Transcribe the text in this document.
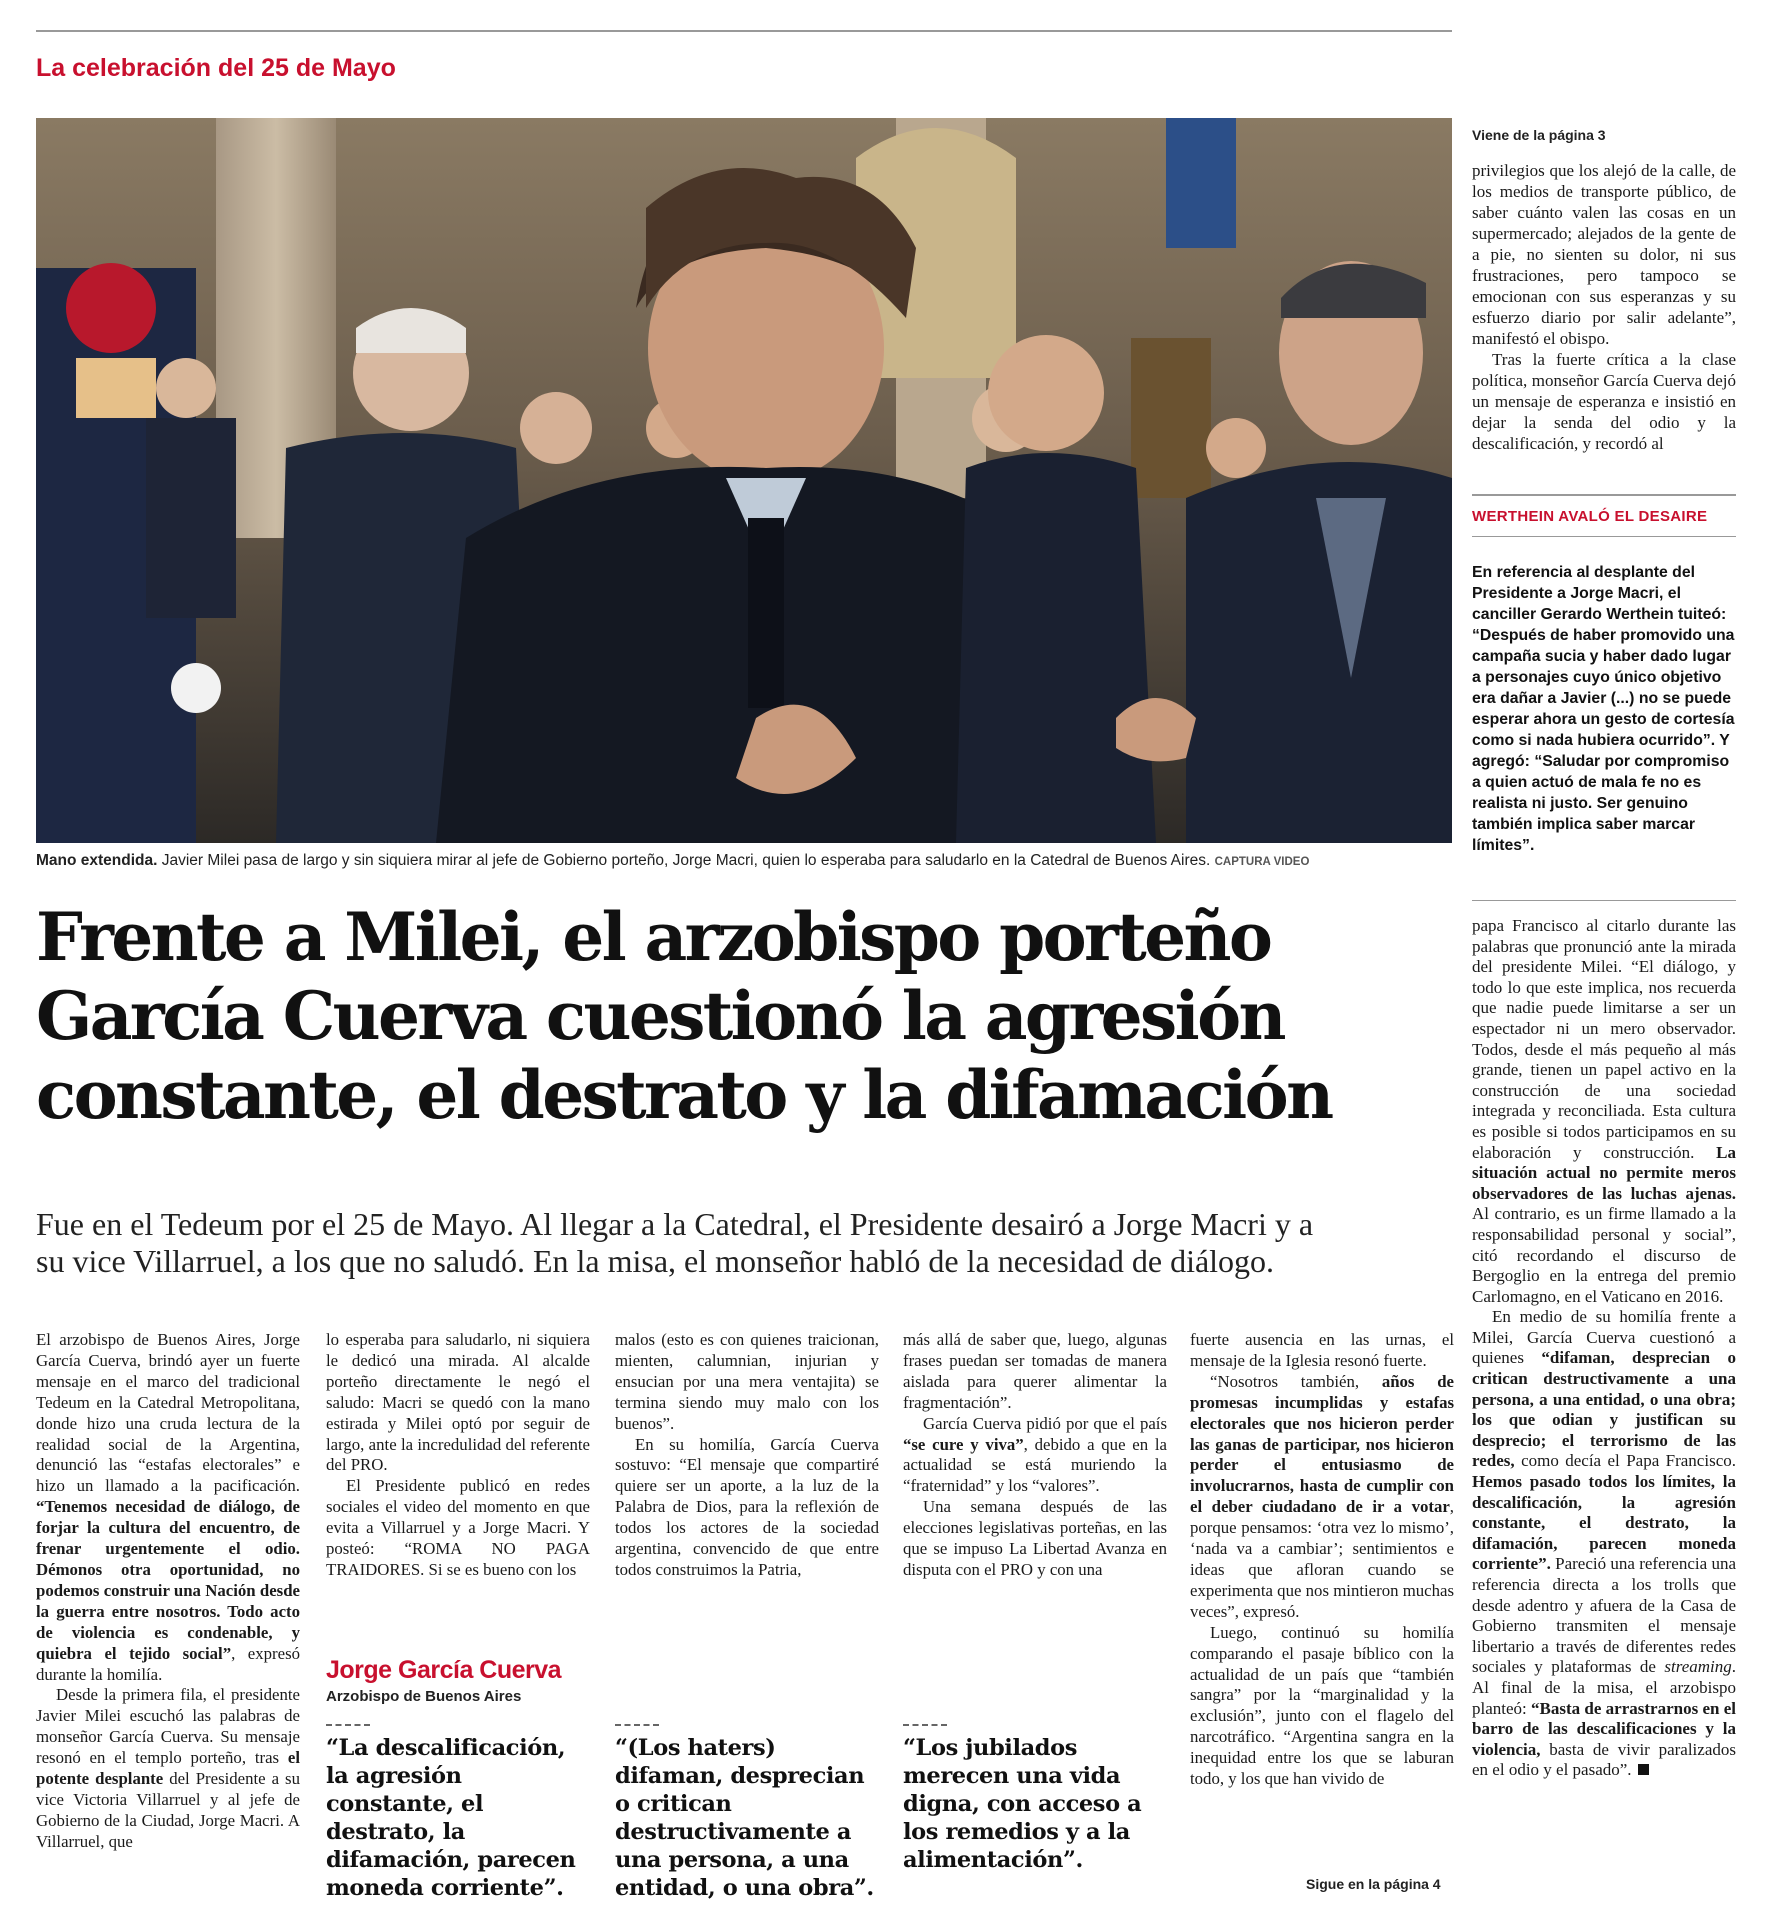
La celebración del 25 de Mayo
Mano extendida. Javier Milei pasa de largo y sin siquiera mirar al jefe de Gobierno porteño, Jorge Macri, quien lo esperaba para saludarlo en la Catedral de Buenos Aires. CAPTURA VIDEO
Viene de la página 3

privilegios que los alejó de la calle, de los medios de transporte público, de saber cuánto valen las cosas en un supermercado; alejados de la gente de a pie, no sienten su dolor, ni sus frustraciones, pero tampoco se emocionan con sus esperanzas y su esfuerzo diario por salir adelante”, manifestó el obispo.

Tras la fuerte crítica a la clase política, monseñor García Cuerva dejó un mensaje de esperanza e insistió en dejar la senda del odio y la descalificación, y recordó al

WERTHEIN AVALÓ EL DESAIRE
En referencia al desplante del Presidente a Jorge Macri, el canciller Gerardo Werthein tuiteó: “Después de haber promovido una campaña sucia y haber dado lugar a personajes cuyo único objetivo era dañar a Javier (...) no se puede esperar ahora un gesto de cortesía como si nada hubiera ocurrido”. Y agregó: “Saludar por compromiso a quien actuó de mala fe no es realista ni justo. Ser genuino también implica saber marcar límites”.
Frente a Milei, el arzobispo porteño
García Cuerva cuestionó la agresión
constante, el destrato y la difamación
Fue en el Tedeum por el 25 de Mayo. Al llegar a la Catedral, el Presidente desairó a Jorge Macri y a
su vice Villarruel, a los que no saludó. En la misa, el monseñor habló de la necesidad de diálogo.

El arzobispo de Buenos Aires, Jorge García Cuerva, brindó ayer un fuerte mensaje en el marco del tradicional Tedeum en la Catedral Metropolitana, donde hizo una cruda lectura de la realidad social de la Argentina, denunció las “estafas electorales” e hizo un llamado a la pacificación. “Tenemos necesidad de diálogo, de forjar la cultura del encuentro, de frenar urgentemente el odio. Démonos otra oportunidad, no podemos construir una Nación desde la guerra entre nosotros. Todo acto de violencia es condenable, y quiebra el tejido social”, expresó durante la homilía.

Desde la primera fila, el presidente Javier Milei escuchó las palabras de monseñor García Cuerva. Su mensaje resonó en el templo porteño, tras el potente desplante del Presidente a su vice Victoria Villarruel y al jefe de Gobierno de la Ciudad, Jorge Macri. A Villarruel, que

lo esperaba para saludarlo, ni siquiera le dedicó una mirada. Al alcalde porteño directamente le negó el saludo: Macri se quedó con la mano estirada y Milei optó por seguir de largo, ante la incredulidad del referente del PRO.

El Presidente publicó en redes sociales el video del momento en que evita a Villarruel y a Jorge Macri. Y posteó: “ROMA NO PAGA TRAIDORES. Si se es bueno con los

malos (esto es con quienes traicionan, mienten, calumnian, injurian y ensucian por una mera ventajita) se termina siendo muy malo con los buenos”.

En su homilía, García Cuerva sostuvo: “El mensaje que compartiré quiere ser un aporte, a la luz de la Palabra de Dios, para la reflexión de todos los actores de la sociedad argentina, convencido de que entre todos construimos la Patria,

más allá de saber que, luego, algunas frases puedan ser tomadas de manera aislada para querer alimentar la fragmentación”.

García Cuerva pidió por que el país “se cure y viva”, debido a que en la actualidad se está muriendo la “fraternidad” y los “valores”.

Una semana después de las elecciones legislativas porteñas, en las que se impuso La Libertad Avanza en disputa con el PRO y con una

fuerte ausencia en las urnas, el mensaje de la Iglesia resonó fuerte.

“Nosotros también, años de promesas incumplidas y estafas electorales que nos hicieron perder las ganas de participar, nos hicieron perder el entusiasmo de involucrarnos, hasta de cumplir con el deber ciudadano de ir a votar, porque pensamos: ‘otra vez lo mismo’, ‘nada va a cambiar’; sentimientos e ideas que afloran cuando se experimenta que nos mintieron muchas veces”, expresó.

Luego, continuó su homilía comparando el pasaje bíblico con la actualidad de un país que “también sangra” por la “marginalidad y la exclusión”, junto con el flagelo del narcotráfico. “Argentina sangra en la inequidad entre los que se laburan todo, y los que han vivido de

papa Francisco al citarlo durante las palabras que pronunció ante la mirada del presidente Milei. “El diálogo, y todo lo que este implica, nos recuerda que nadie puede limitarse a ser un espectador ni un mero observador. Todos, desde el más pequeño al más grande, tienen un papel activo en la construcción de una sociedad integrada y reconciliada. Esta cultura es posible si todos participamos en su elaboración y construcción. La situación actual no permite meros observadores de las luchas ajenas. Al contrario, es un firme llamado a la responsabilidad personal y social”, citó recordando el discurso de Bergoglio en la entrega del premio Carlomagno, en el Vaticano en 2016.

En medio de su homilía frente a Milei, García Cuerva cuestionó a quienes “difaman, desprecian o critican destructivamente a una persona, a una entidad, o una obra; los que odian y justifican su desprecio; el terrorismo de las redes, como decía el Papa Francisco. Hemos pasado todos los límites, la descalificación, la agresión constante, el destrato, la difamación, parecen moneda corriente”. Pareció una referencia una referencia directa a los trolls que desde adentro y afuera de la Casa de Gobierno transmiten el mensaje libertario a través de diferentes redes sociales y plataformas de streaming. Al final de la misa, el arzobispo planteó: “Basta de arrastrarnos en el barro de las descalificaciones y la violencia, basta de vivir paralizados en el odio y el pasado”.

Jorge García Cuerva
Arzobispo de Buenos Aires
“La descalificación, la agresión constante, el destrato, la difamación, parecen moneda corriente”.
“(Los haters) difaman, desprecian o critican destructivamente a una persona, a una entidad, o una obra”.
“Los jubilados merecen una vida digna, con acceso a los remedios y a la alimentación”.
Sigue en la página 4
